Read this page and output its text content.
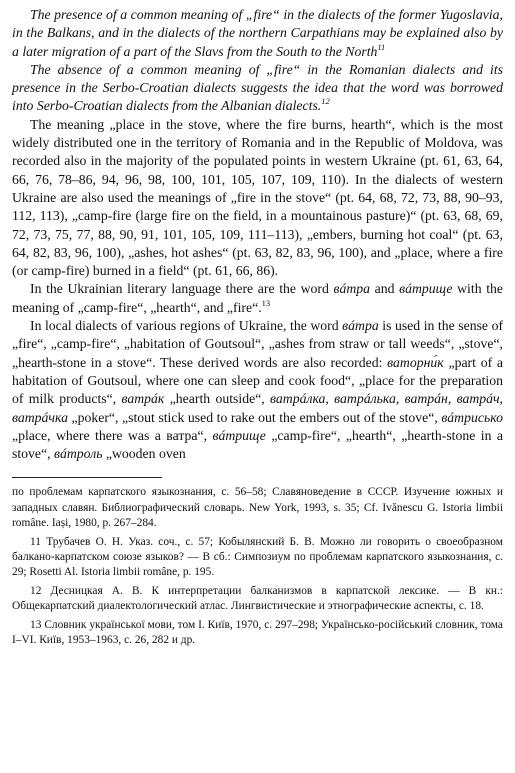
The presence of a common meaning of „fire“ in the dialects of the former Yugoslavia, in the Balkans, and in the dialects of the northern Carpathians may be explained also by a later migration of a part of the Slavs from the South to the North$^{11}$

The absence of a common meaning of „fire“ in the Romanian dialects and its presence in the Serbo-Croatian dialects suggests the idea that the word was borrowed into Serbo-Croatian dialects from the Albanian dialects.$^{12}$

The meaning „place in the stove, where the fire burns, hearth“, which is the most widely distributed one in the territory of Romania and in the Republic of Moldova, was recorded also in the majority of the populated points in western Ukraine (pt. 61, 63, 64, 66, 76, 78–86, 94, 96, 98, 100, 101, 105, 107, 109, 110). In the dialects of western Ukraine are also used the meanings of „fire in the stove“ (pt. 64, 68, 72, 73, 88, 90–93, 112, 113), „camp-fire (large fire on the field, in a mountainous pasture)“ (pt. 63, 68, 69, 72, 73, 75, 77, 88, 90, 91, 101, 105, 109, 111–113), „embers, burning hot coal“ (pt. 63, 64, 82, 83, 96, 100), „ashes, hot ashes“ (pt. 63, 82, 83, 96, 100), and „place, where a fire (or camp-fire) burned in a field“ (pt. 61, 66, 86).

In the Ukrainian literary language there are the word вáтра and вáтрище with the meaning of „camp-fire“, „hearth“, and „fire“.$^{13}$

In local dialects of various regions of Ukraine, the word вáтра is used in the sense of „fire“, „camp-fire“, „habitation of Goutsoul“, „ashes from straw or tall weeds“, „stove“, „hearth-stone in a stove“. These derived words are also recorded: ваторни́к „part of a habitation of Goutsoul, where one can sleep and cook food“, „place for the preparation of milk products“, ватрáк „hearth outside“, ватрáлка, ватрáлька, ватрáн, ватрáч, ватрáчка „poker“, „stout stick used to rake out the embers out of the stove“, вáтрисько „place, where there was a ватра“, вáтрище „camp-fire“, „hearth“, „hearth-stone in a stove“, вáтроль „wooden oven

по проблемам карпатского языкознания, с. 56–58; Славяноведение в СССР. Изучение южных и западных славян. Библиографический словарь. New York, 1993, s. 35; Cf. Ivănescu G. Istoria limbii române. Iași, 1980, p. 267–284.

11 Трубачев О. Н. Указ. соч., с. 57; Кобылянский Б. В. Можно ли говорить о своеобразном балкано-карпатском союзе языков? — В сб.: Симпозиум по проблемам карпатского языкознания, с. 29; Rosetti Al. Istoria limbii române, p. 195.

12 Десницкая А. В. К интерпретации балканизмов в карпатской лексике. — В кн.: Общекарпатский диалектологический атлас. Лингвистические и этнографические аспекты, с. 18.

13 Словник української мови, том I. Київ, 1970, с. 297–298; Українсько-російський словник, тома I–VI. Київ, 1953–1963, с. 26, 282 и др.
